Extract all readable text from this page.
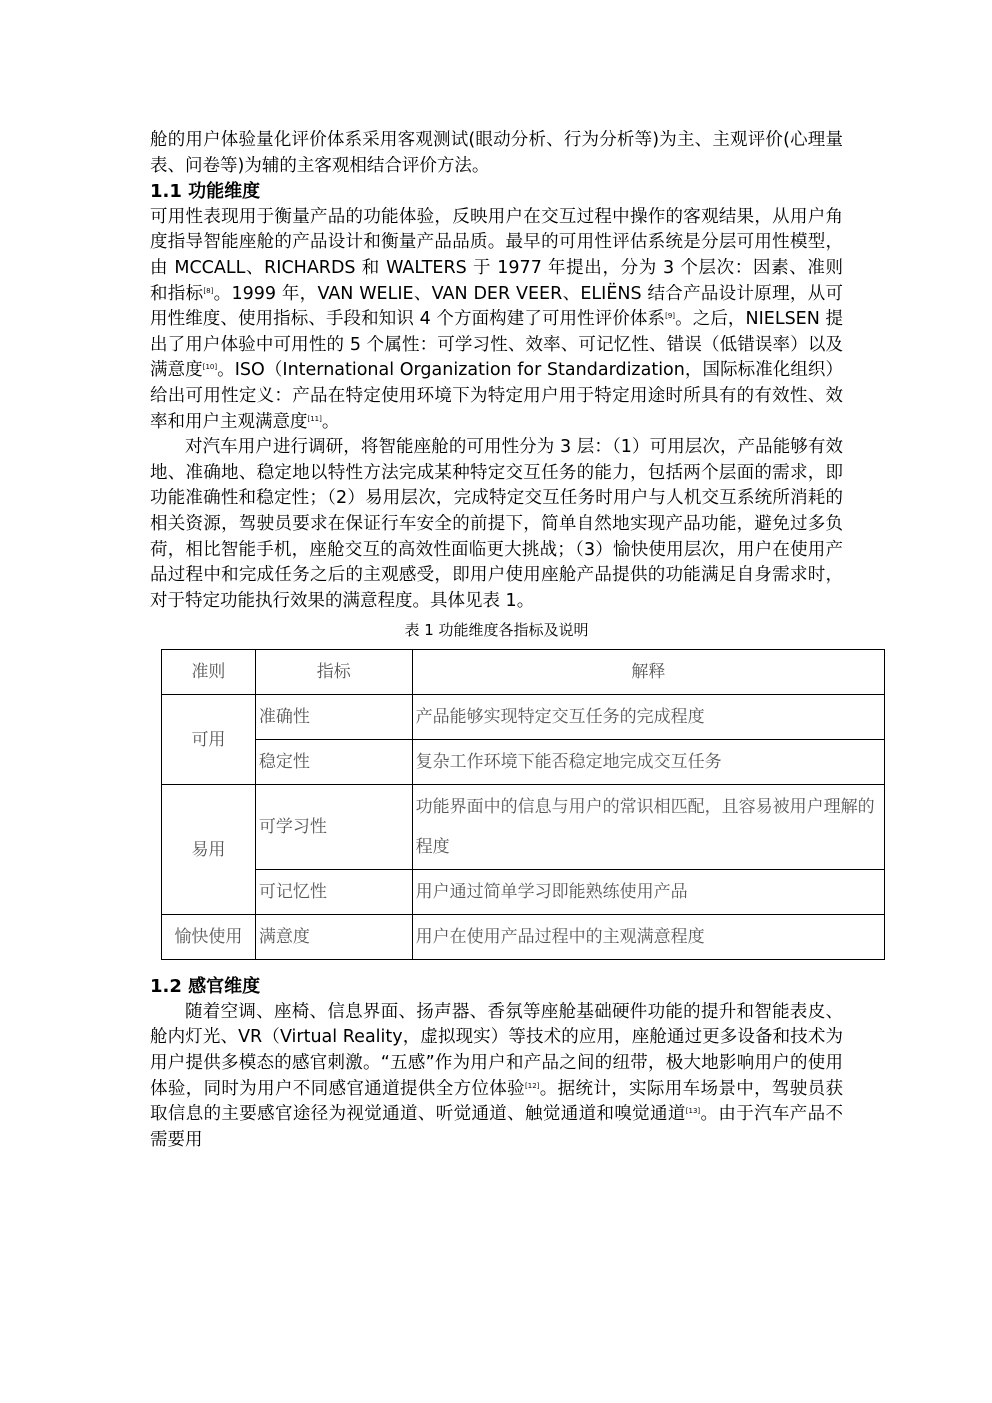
舱的用户体验量化评价体系采用客观测试(眼动分析、行为分析等)为主、主观评价(心理量表、问卷等)为辅的主客观相结合评价方法。

1.1 功能维度

可用性表现用于衡量产品的功能体验，反映用户在交互过程中操作的客观结果，从用户角度指导智能座舱的产品设计和衡量产品品质。最早的可用性评估系统是分层可用性模型，由 MCCALL、RICHARDS 和 WALTERS 于 1977 年提出，分为 3 个层次：因素、准则和指标[8]。1999 年，VAN WELIE、VAN DER VEER、ELIËNS 结合产品设计原理，从可用性维度、使用指标、手段和知识 4 个方面构建了可用性评价体系[9]。之后，NIELSEN 提出了用户体验中可用性的 5 个属性：可学习性、效率、可记忆性、错误（低错误率）以及满意度[10]。ISO（International Organization for Standardization，国际标准化组织）给出可用性定义：产品在特定使用环境下为特定用户用于特定用途时所具有的有效性、效率和用户主观满意度[11]。

对汽车用户进行调研，将智能座舱的可用性分为 3 层：（1）可用层次，产品能够有效地、准确地、稳定地以特性方法完成某种特定交互任务的能力，包括两个层面的需求，即功能准确性和稳定性；（2）易用层次，完成特定交互任务时用户与人机交互系统所消耗的相关资源，驾驶员要求在保证行车安全的前提下，简单自然地实现产品功能，避免过多负荷，相比智能手机，座舱交互的高效性面临更大挑战；（3）愉快使用层次，用户在使用产品过程中和完成任务之后的主观感受，即用户使用座舱产品提供的功能满足自身需求时，对于特定功能执行效果的满意程度。具体见表 1。

表 1 功能维度各指标及说明
准则	指标	解释
可用	准确性	产品能够实现特定交互任务的完成程度
	稳定性	复杂工作环境下能否稳定地完成交互任务
易用	可学习性	功能界面中的信息与用户的常识相匹配，且容易被用户理解的程度
	可记忆性	用户通过简单学习即能熟练使用产品
愉快使用	满意度	用户在使用产品过程中的主观满意程度
1.2 感官维度

随着空调、座椅、信息界面、扬声器、香氛等座舱基础硬件功能的提升和智能表皮、舱内灯光、VR（Virtual Reality，虚拟现实）等技术的应用，座舱通过更多设备和技术为用户提供多模态的感官刺激。“五感”作为用户和产品之间的纽带，极大地影响用户的使用体验，同时为用户不同感官通道提供全方位体验[12]。据统计，实际用车场景中，驾驶员获取信息的主要感官途径为视觉通道、听觉通道、触觉通道和嗅觉通道[13]。由于汽车产品不需要用
